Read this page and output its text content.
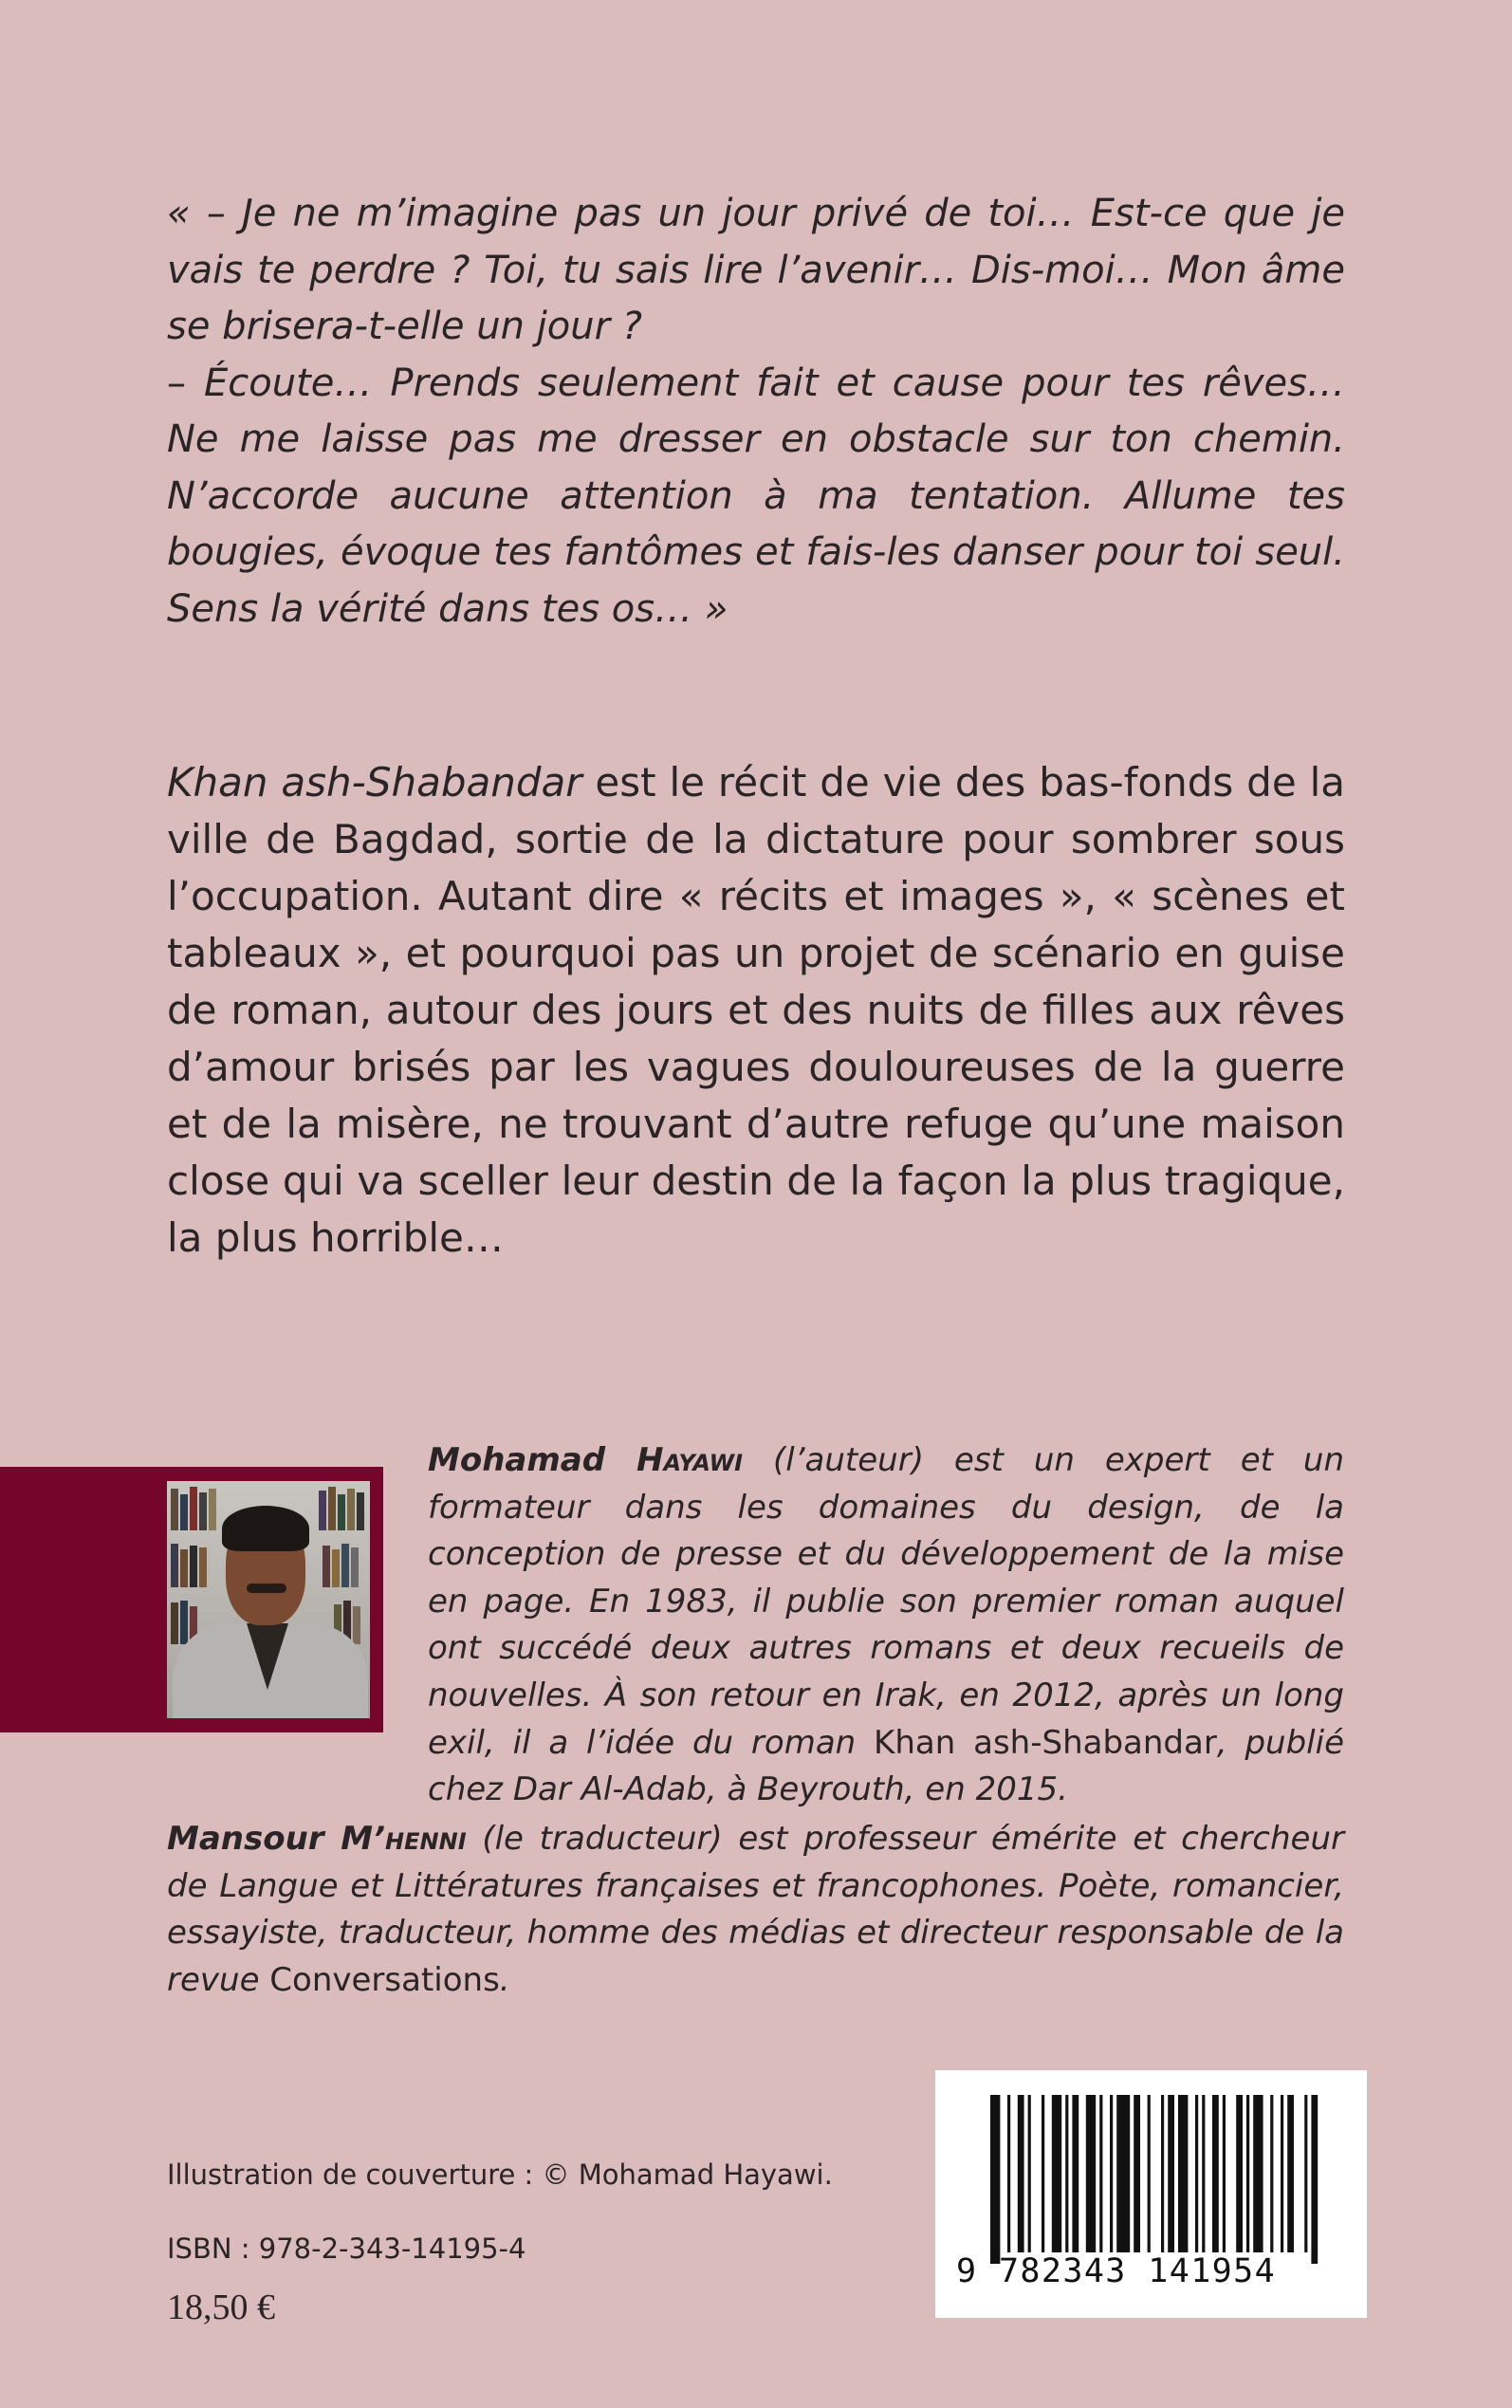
« – Je ne m’imagine pas un jour privé de toi… Est-ce que je vais te perdre ? Toi, tu sais lire l’avenir… Dis-moi… Mon âme se brisera-t-elle un jour ?

– Écoute… Prends seulement fait et cause pour tes rêves… Ne me laisse pas me dresser en obstacle sur ton chemin. N’accorde aucune attention à ma tentation. Allume tes bougies, évoque tes fantômes et fais-les danser pour toi seul. Sens la vérité dans tes os… »

Khan ash-Shabandar est le récit de vie des bas-fonds de la ville de Bagdad, sortie de la dictature pour sombrer sous l’occupation. Autant dire « récits et images », « scènes et tableaux », et pourquoi pas un projet de scénario en guise de roman, autour des jours et des nuits de filles aux rêves d’amour brisés par les vagues douloureuses de la guerre et de la misère, ne trouvant d’autre refuge qu’une maison close qui va sceller leur destin de la façon la plus tragique, la plus horrible…

Mohamad Hayawi (l’auteur) est un expert et un formateur dans les domaines du design, de la conception de presse et du développement de la mise en page. En 1983, il publie son premier roman auquel ont succédé deux autres romans et deux recueils de nouvelles. À son retour en Irak, en 2012, après un long exil, il a l’idée du roman Khan ash-Shabandar, publié chez Dar Al-Adab, à Beyrouth, en 2015.

Mansour M’henni (le traducteur) est professeur émérite et chercheur de Langue et Littératures françaises et francophones. Poète, romancier, essayiste, traducteur, homme des médias et directeur responsable de la revue Conversations.

Illustration de couverture : © Mohamad Hayawi.

ISBN : 978-2-343-14195-4

18,50 €

9 782343 141954
